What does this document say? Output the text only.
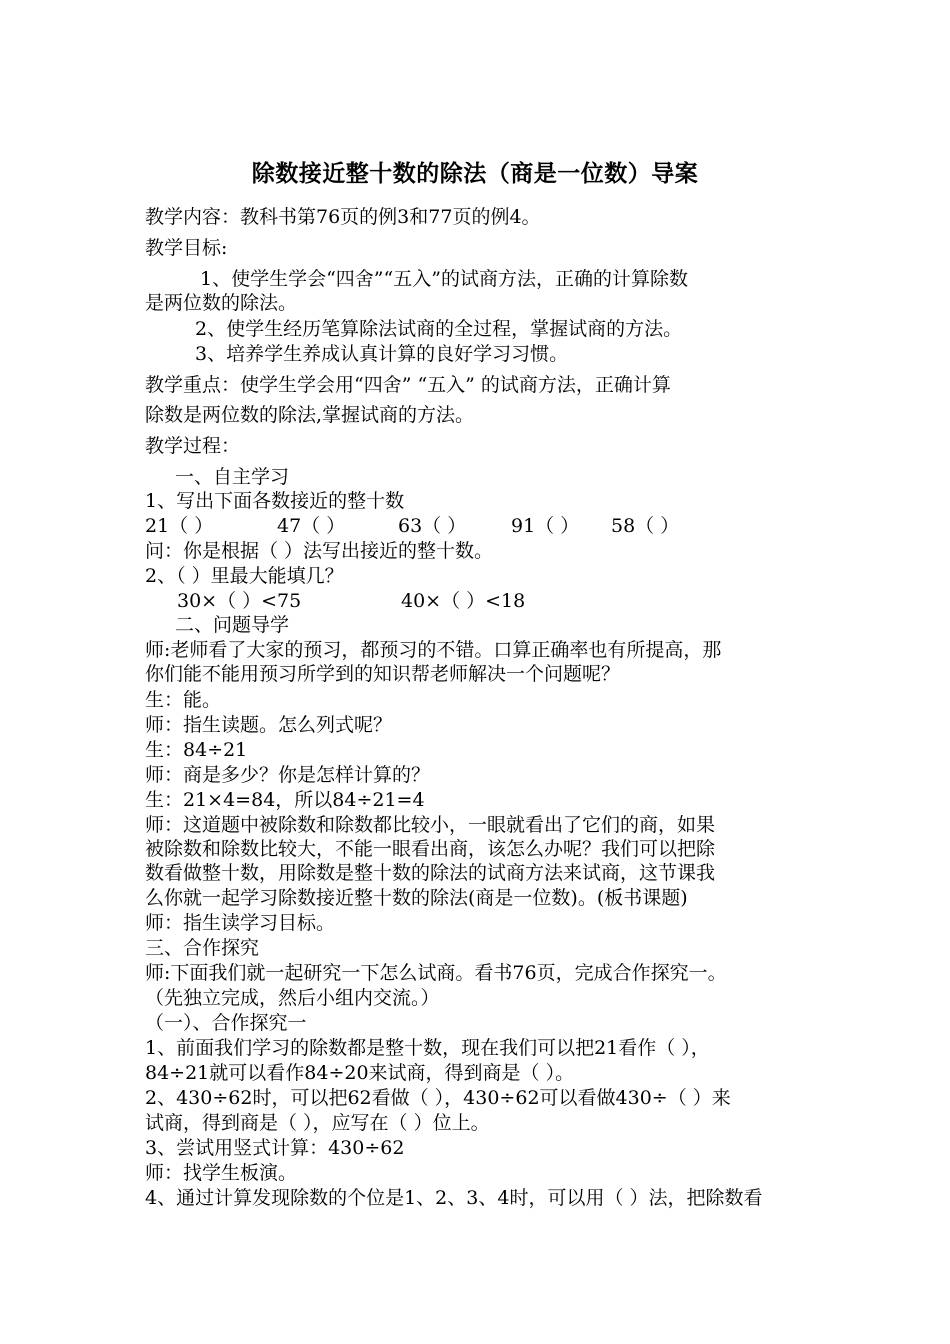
除数接近整十数的除法（商是一位数）导案
教学内容：教科书第76页的例3和77页的例4。
教学目标:
1、使学生学会“四舍”“五入”的试商方法，正确的计算除数
是两位数的除法。
2、使学生经历笔算除法试商的全过程，掌握试商的方法。
3、培养学生养成认真计算的良好学习习惯。
教学重点：使学生学会用“四舍” “五入” 的试商方法，正确计算
除数是两位数的除法,掌握试商的方法。
教学过程：
一、自主学习
1、写出下面各数接近的整十数
21（ ）	47（ ）	63（ ） 91（ ） 58（ ）
问：你是根据（ ）法写出接近的整十数。
2、（ ）里最大能填几？
30×（ ）<75	40×（ ）<18
二、问题导学
师:老师看了大家的预习，都预习的不错。口算正确率也有所提高，那
你们能不能用预习所学到的知识帮老师解决一个问题呢？
生：能。
师：指生读题。怎么列式呢？
生：84÷21
师：商是多少？你是怎样计算的？
生：21×4=84，所以84÷21=4
师：这道题中被除数和除数都比较小，一眼就看出了它们的商，如果
被除数和除数比较大，不能一眼看出商，该怎么办呢？我们可以把除
数看做整十数，用除数是整十数的除法的试商方法来试商，这节课我
么你就一起学习除数接近整十数的除法(商是一位数)。(板书课题)
师：指生读学习目标。
三、合作探究
师:下面我们就一起研究一下怎么试商。看书76页，完成合作探究一。
（先独立完成，然后小组内交流。）
（一）、合作探究一
1、前面我们学习的除数都是整十数，现在我们可以把21看作（ ），
84÷21就可以看作84÷20来试商，得到商是（ ）。
2、430÷62时，可以把62看做（ ），430÷62可以看做430÷（ ）来
试商，得到商是（ ），应写在（ ）位上。
3、尝试用竖式计算：430÷62
师：找学生板演。
4、通过计算发现除数的个位是1、2、3、4时，可以用（ ）法，把除数看
